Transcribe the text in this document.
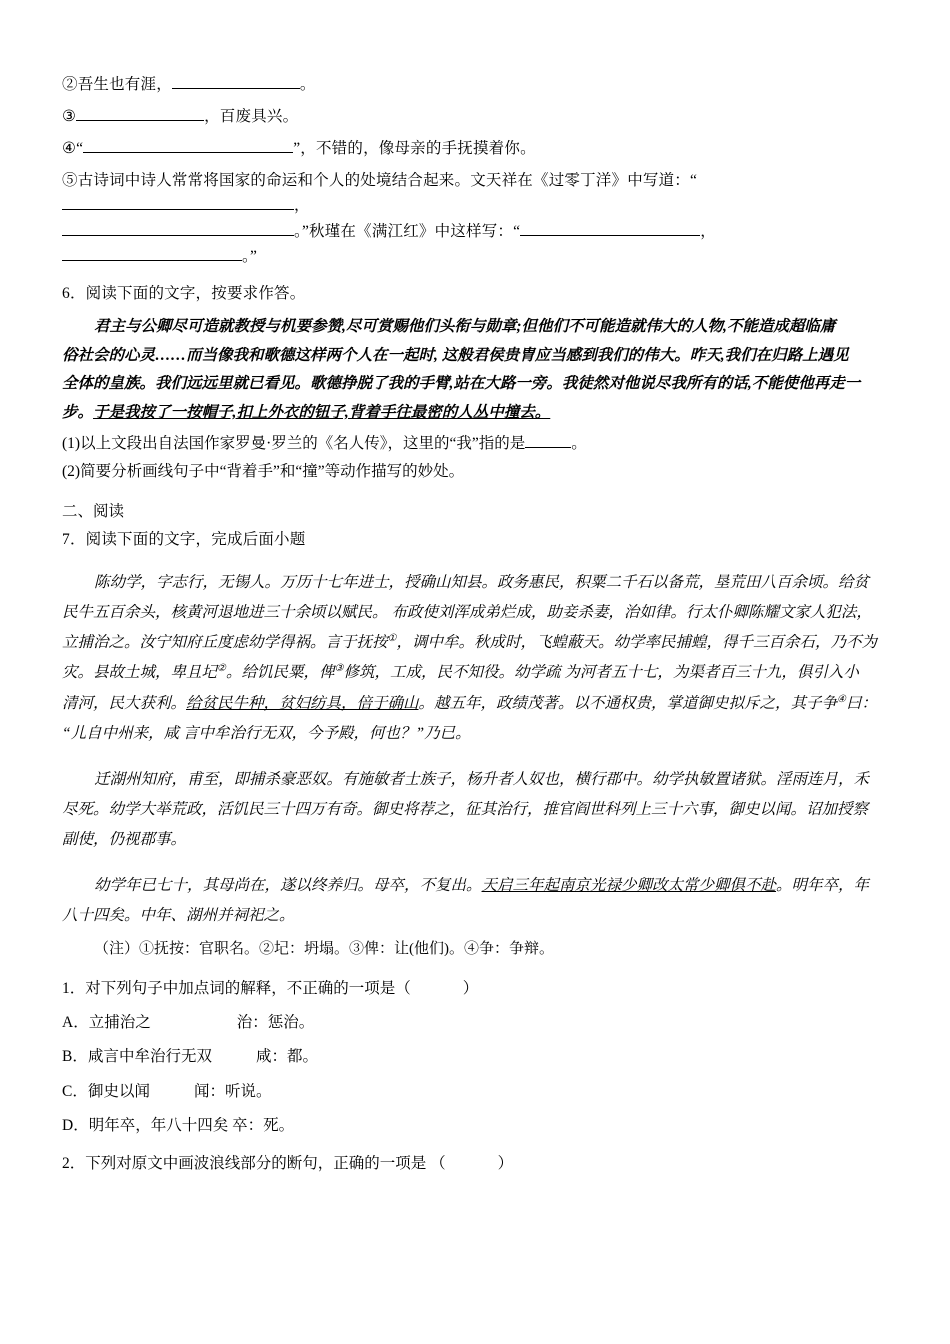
②吾生也有涯，	。

③	，百废具兴。

④“	”，不错的，像母亲的手抚摸着你。

⑤古诗词中诗人常常将国家的命运和个人的处境结合起来。文天祥在《过零丁洋》中写道：“，
。”秋瑾在《满江红》中这样写：“	，。”

6．阅读下面的文字，按要求作答。

君主与公卿尽可造就教授与机要参赞,尽可赏赐他们头衔与勋章;但他们不可能造就伟大的人物,不能造成超临庸

俗社会的心灵……而当像我和歌德这样两个人在一起时, 这般君侯贵胄应当感到我们的伟大。昨天,我们在归路上遇见

全体的皇族。我们远远里就已看见。歌德挣脱了我的手臂,站在大路一旁。我徒然对他说尽我所有的话,不能使他再走一

步。于是我按了一按帽子,扣上外衣的钮子,背着手往最密的人丛中撞去。

(1)以上文段出自法国作家罗曼·罗兰的《名人传》，这里的“我”指的是	。

(2)简要分析画线句子中“背着手”和“撞”等动作描写的妙处。

二、阅读

7．阅读下面的文字，完成后面小题

陈幼学，字志行，无锡人。万历十七年进士，授确山知县。政务惠民，积粟二千石以备荒，垦荒田八百余顷。给贫
民牛五百余头，核黄河退地进三十余顷以赋民。 布政使刘浑成弟烂成，助妾杀妻，治如律。行太仆卿陈耀文家人犯法，
立捕治之。汝宁知府丘度虑幼学得祸。言于抚按①，调中牟。秋成时，飞蝗蔽天。幼学率民捕蝗，得千三百余石，乃不为
灾。县故土城，卑且圮②。给饥民粟，俾③修筑，工成，民不知役。幼学疏 为河者五十七，为渠者百三十九，俱引入小
清河，民大获利。给贫民牛种，贫妇纺具，倍于确山。越五年，政绩茂著。以不通权贵，掌道御史拟斥之，其子争④曰：
“儿自中州来，咸 言中牟治行无双，今予殿，何也？”乃已。

迁湖州知府，甫至，即捕杀豪恶奴。有施敏者士族子，杨升者人奴也，横行郡中。幼学执敏置诸狱。淫雨连月，禾
尽死。幼学大举荒政，活饥民三十四万有奇。御史将荐之，征其治行，推官阎世科列上三十六事，御史以闻。诏加授察
副使，仍视郡事。

幼学年已七十，其母尚在，遂以终养归。母卒，不复出。天启三年起南京光禄少卿改太常少卿俱不赴。明年卒，年
八十四矣。中年、湖州并祠祀之。

（注）①抚按：官职名。②圮：坍塌。③俾：让(他们)。④争：争辩。

1．对下列句子中加点词的解释，不正确的一项是（	）

A．立捕治之	治：惩治。

B．咸言中牟治行无双	咸：都。

C．御史以闻	闻：听说。

D．明年卒，年八十四矣 卒：死。

2．下列对原文中画波浪线部分的断句，正确的一项是 （	）
